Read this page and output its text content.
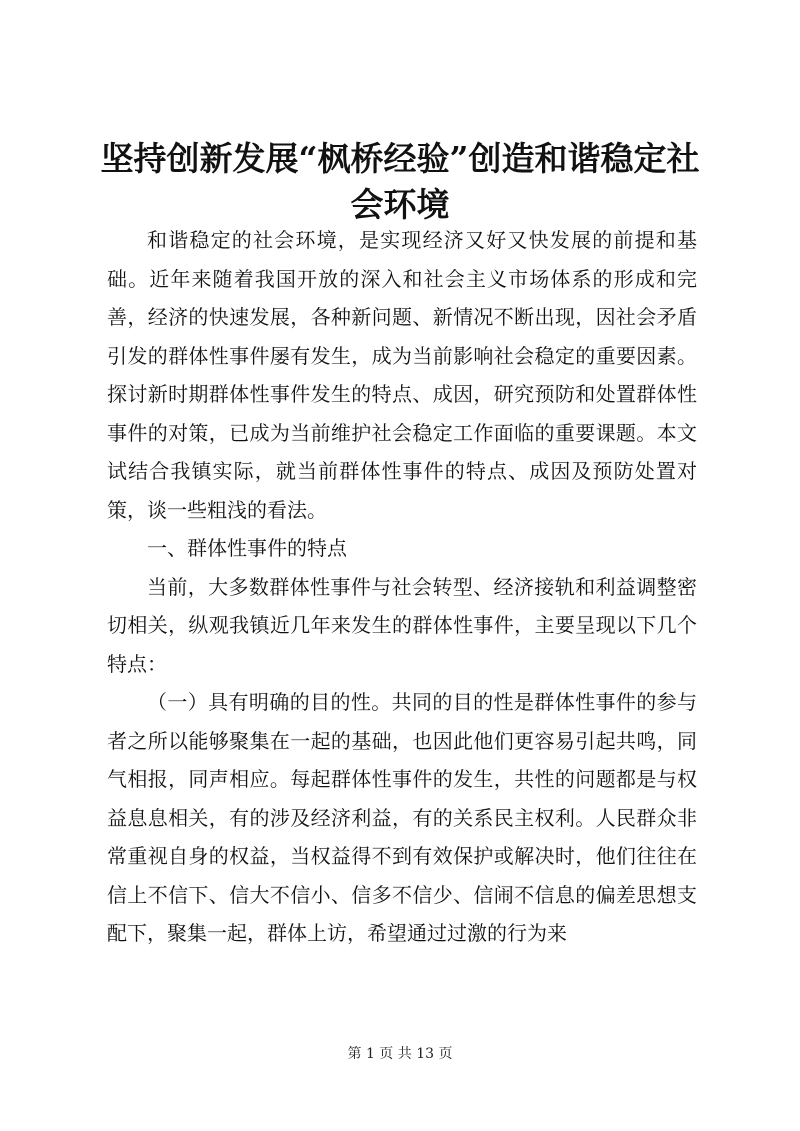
坚持创新发展“枫桥经验”创造和谐稳定社会环境

和谐稳定的社会环境，是实现经济又好又快发展的前提和基础。近年来随着我国开放的深入和社会主义市场体系的形成和完善，经济的快速发展，各种新问题、新情况不断出现，因社会矛盾引发的群体性事件屡有发生，成为当前影响社会稳定的重要因素。探讨新时期群体性事件发生的特点、成因，研究预防和处置群体性事件的对策，已成为当前维护社会稳定工作面临的重要课题。本文试结合我镇实际，就当前群体性事件的特点、成因及预防处置对策，谈一些粗浅的看法。

一、群体性事件的特点

当前，大多数群体性事件与社会转型、经济接轨和利益调整密切相关，纵观我镇近几年来发生的群体性事件，主要呈现以下几个特点：

（一）具有明确的目的性。共同的目的性是群体性事件的参与者之所以能够聚集在一起的基础，也因此他们更容易引起共鸣，同气相报，同声相应。每起群体性事件的发生，共性的问题都是与权益息息相关，有的涉及经济利益，有的关系民主权利。人民群众非常重视自身的权益，当权益得不到有效保护或解决时，他们往往在信上不信下、信大不信小、信多不信少、信闹不信息的偏差思想支配下，聚集一起，群体上访，希望通过过激的行为来

第 1 页 共 13 页
